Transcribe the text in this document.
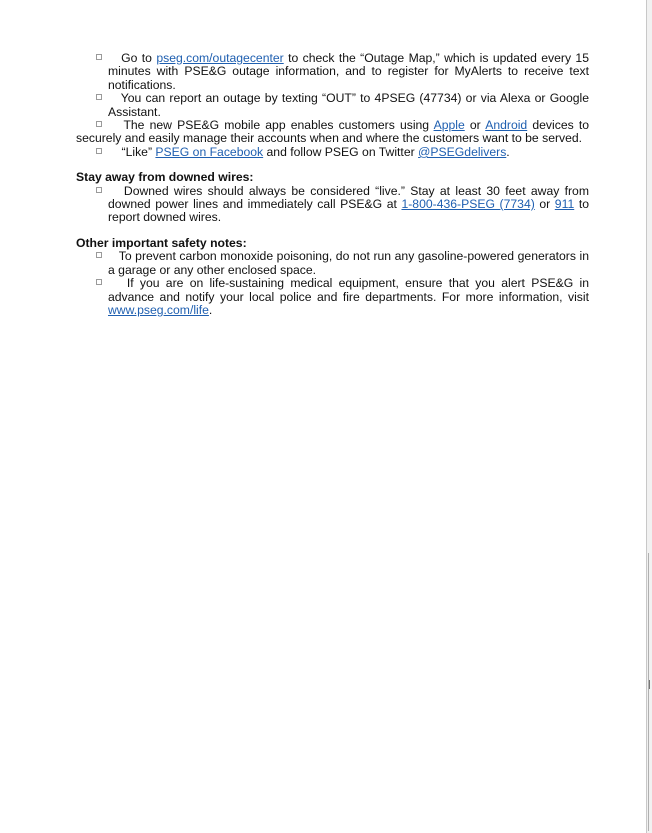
Go to pseg.com/outagecenter to check the “Outage Map,” which is updated every 15 minutes with PSE&G outage information, and to register for MyAlerts to receive text notifications.
You can report an outage by texting “OUT” to 4PSEG (47734) or via Alexa or Google Assistant.
The new PSE&G mobile app enables customers using Apple or Android devices to securely and easily manage their accounts when and where the customers want to be served.
“Like” PSEG on Facebook and follow PSEG on Twitter @PSEGdelivers.

Stay away from downed wires:

Downed wires should always be considered “live.” Stay at least 30 feet away from downed power lines and immediately call PSE&G at 1-800-436-PSEG (7734) or 911 to report downed wires.

Other important safety notes:

To prevent carbon monoxide poisoning, do not run any gasoline-powered generators in a garage or any other enclosed space.
If you are on life-sustaining medical equipment, ensure that you alert PSE&G in advance and notify your local police and fire departments. For more information, visit www.pseg.com/life.
